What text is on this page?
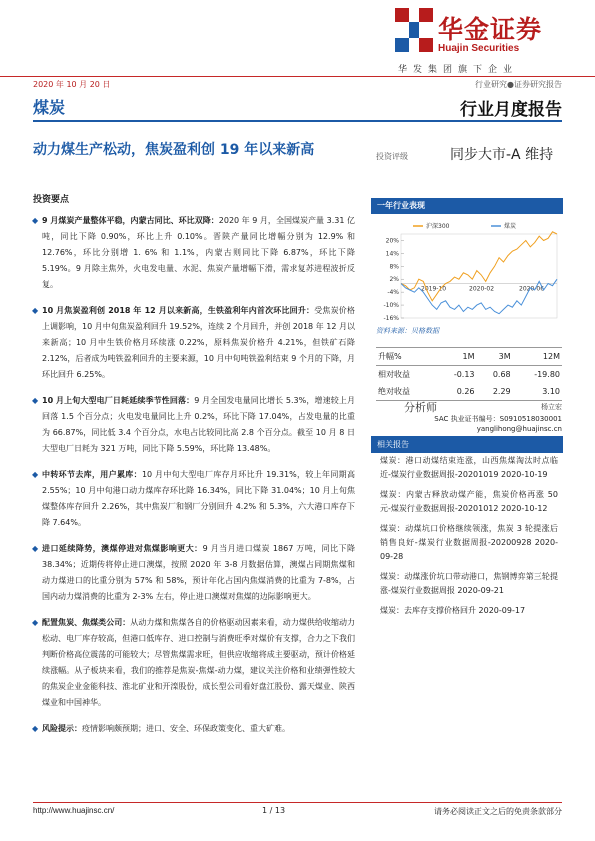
华金证券
Huajin Securities
华发集团旗下企业
2020 年 10 月 20 日	行业研究●证券研究报告
煤炭	行业月度报告
动力煤生产松动，焦炭盈利创 19 年以来新高	投资评级	同步大市-A 维持
投资要点
◆ 9 月煤炭产量整体平稳，内蒙古同比、环比双降：2020 年 9 月，全国煤炭产量 3.31 亿吨，同比下降 0.90%，环比上升 0.10%。晋陕产量同比增幅分别为 12.9% 和 12.76%，环比分别增 1. 6% 和 1.1%，内蒙古则同比下降 6.87%，环比下降 5.19%。9 月除主焦外，火电发电量、水泥、焦炭产量增幅下滑，需求复苏进程波折反复。
◆ 10 月焦炭盈利创 2018 年 12 月以来新高，生铁盈利年内首次环比回升：受焦炭价格上调影响，10 月中旬焦炭盈利回升 19.52%，连续 2 个月回升，并创 2018 年 12 月以来新高；10 月中生铁价格月环续涨 0.22%，原料焦炭价格升 4.21%，但铁矿石降 2.12%，后者成为吨铁盈利回升的主要来源，10 月中旬吨铁盈利结束 9 个月的下降，月环比回升 6.25%。
◆ 10 月上旬大型电厂日耗延续季节性回落：9 月全国发电量同比增长 5.3%，增速较上月回落 1.5 个百分点；火电发电量同比上升 0.2%，环比下降 17.04%，占发电量的比重为 66.87%，同比低 3.4 个百分点，水电占比较同比高 2.8 个百分点。截至 10 月 8 日大型电厂日耗为 321 万吨，同比下降 5.59%，环比降 13.48%。
◆ 中转环节去库，用户累库：10 月中旬大型电厂库存月环比升 19.31%，较上年同期高 2.55%；10 月中旬港口动力煤库存环比降 16.34%，同比下降 31.04%；10 月上旬焦煤整体库存回升 2.26%，其中焦炭厂和钢厂分别回升 4.2% 和 5.3%，六大港口库存下降 7.64%。
◆ 进口延续降势，澳煤停进对焦煤影响更大：9 月当月进口煤炭 1867 万吨，同比下降 38.34%；近期传将停止进口澳煤，按照 2020 年 3-8 月数据估算，澳煤占同期焦煤和动力煤进口的比重分别为 57% 和 58%，预计年化占国内焦煤消费的比重为 7-8%，占国内动力煤消费的比重为 2-3% 左右，停止进口澳煤对焦煤的边际影响更大。
◆ 配置焦炭、焦煤类公司：从动力煤和焦煤各自的价格驱动因素来看，动力煤供给收缩动力松动、电厂库存较高，但港口低库存、进口控制与消费旺季对煤价有支撑，合力之下我们判断价格高位震荡的可能较大；尽管焦煤需求旺，但供应收缩将成主要驱动，预计价格延续涨幅。从子板块来看，我们的推荐是焦炭-焦煤-动力煤，建议关注价格和业绩弹性较大的焦炭企业金能科技、淮北矿业和开滦股份，成长型公司看好盘江股份、露天煤业、陕西煤业和中国神华。
◆ 风险提示：疫情影响颇预期；进口、安全、环保政策变化、重大矿难。
一年行业表现
20%
14%
8%
2%
-4%
-10%
-16%
2019-10	2020-02	2020-06
沪深300	煤炭
资料来源：贝格数据
升幅%	1M	3M	12M
相对收益	-0.13	0.68	-19.80
绝对收益	0.26	2.29	3.10
分析师	杨立宏
SAC 执业证书编号：S0910518030001
yanglihong@huajinsc.cn
相关报告
煤炭：港口动煤结束连涨，山西焦煤淘汰时点临近-煤炭行业数据周报-20201019 2020-10-19
煤炭：内蒙古释放动煤产能，焦炭价格再涨 50 元-煤炭行业数据周报-20201012 2020-10-12
煤炭：动煤坑口价格继续领涨，焦炭 3 轮提涨后销售良好-煤炭行业数据周报-20200928 2020-09-28
煤炭：动煤涨价坑口带动港口，焦钢博弈第三轮提涨-煤炭行业数据周报 2020-09-21
煤炭：去库存支撑价格回升 2020-09-17
http://www.huajinsc.cn/	1 / 13	请务必阅读正文之后的免责条款部分
